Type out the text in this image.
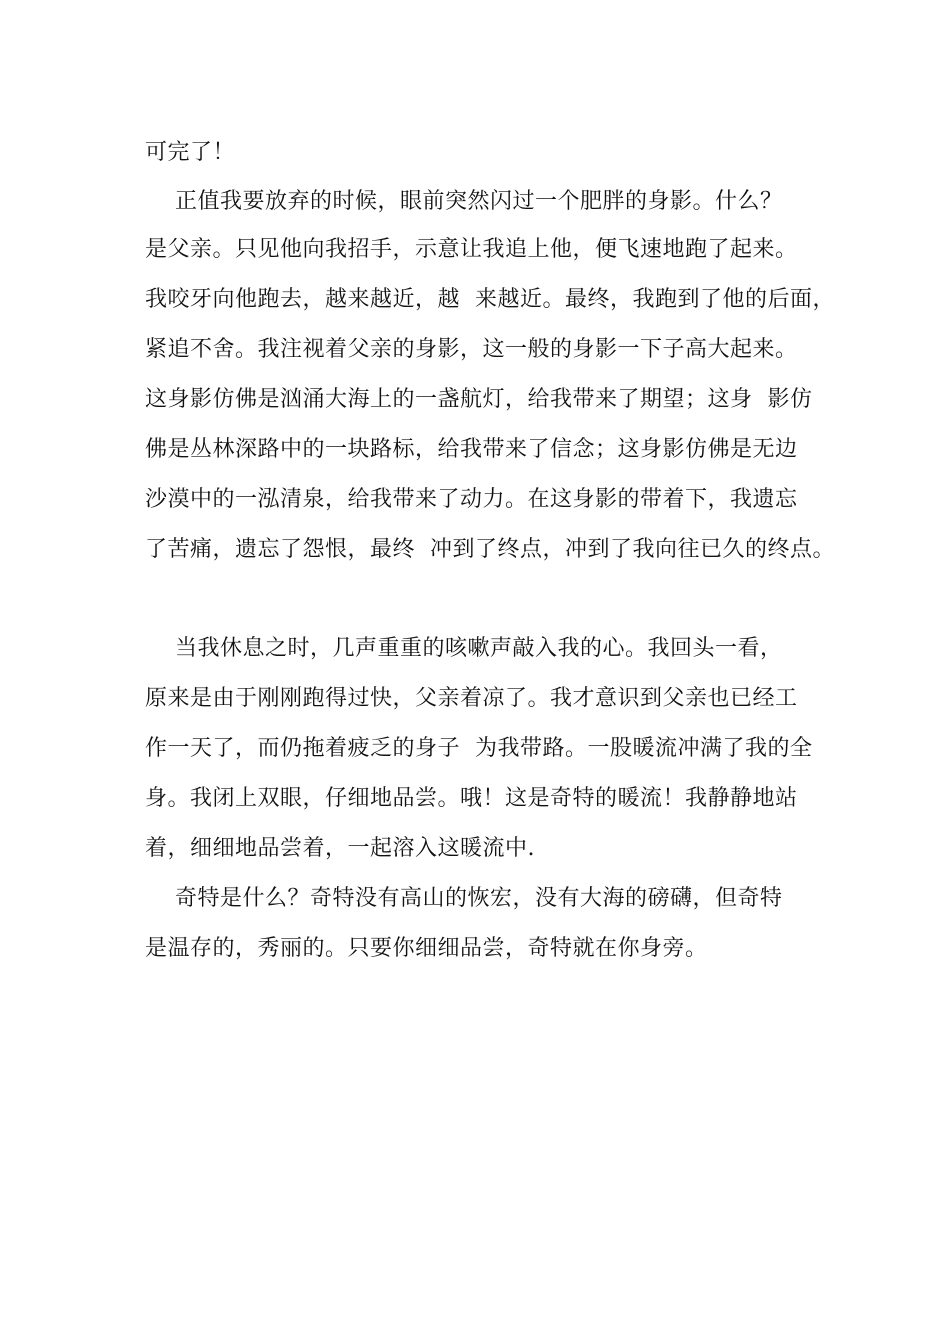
可完了！
正值我要放弃的时候，眼前突然闪过一个肥胖的身影。什么？
是父亲。只见他向我招手，示意让我追上他，便飞速地跑了起来。
我咬牙向他跑去，越来越近，越  来越近。最终，我跑到了他的后面，
紧追不舍。我注视着父亲的身影，这一般的身影一下子高大起来。
这身影仿佛是汹涌大海上的一盏航灯，给我带来了期望；这身  影仿
佛是丛林深路中的一块路标，给我带来了信念；这身影仿佛是无边
沙漠中的一泓清泉，给我带来了动力。在这身影的带着下，我遗忘
了苦痛，遗忘了怨恨，最终  冲到了终点，冲到了我向往已久的终点。
当我休息之时，几声重重的咳嗽声敲入我的心。我回头一看，
原来是由于刚刚跑得过快，父亲着凉了。我才意识到父亲也已经工
作一天了，而仍拖着疲乏的身子  为我带路。一股暖流冲满了我的全
身。我闭上双眼，仔细地品尝。哦！这是奇特的暖流！我静静地站
着，细细地品尝着，一起溶入这暖流中.
奇特是什么？奇特没有高山的恢宏，没有大海的磅礴，但奇特
是温存的，秀丽的。只要你细细品尝，奇特就在你身旁。
